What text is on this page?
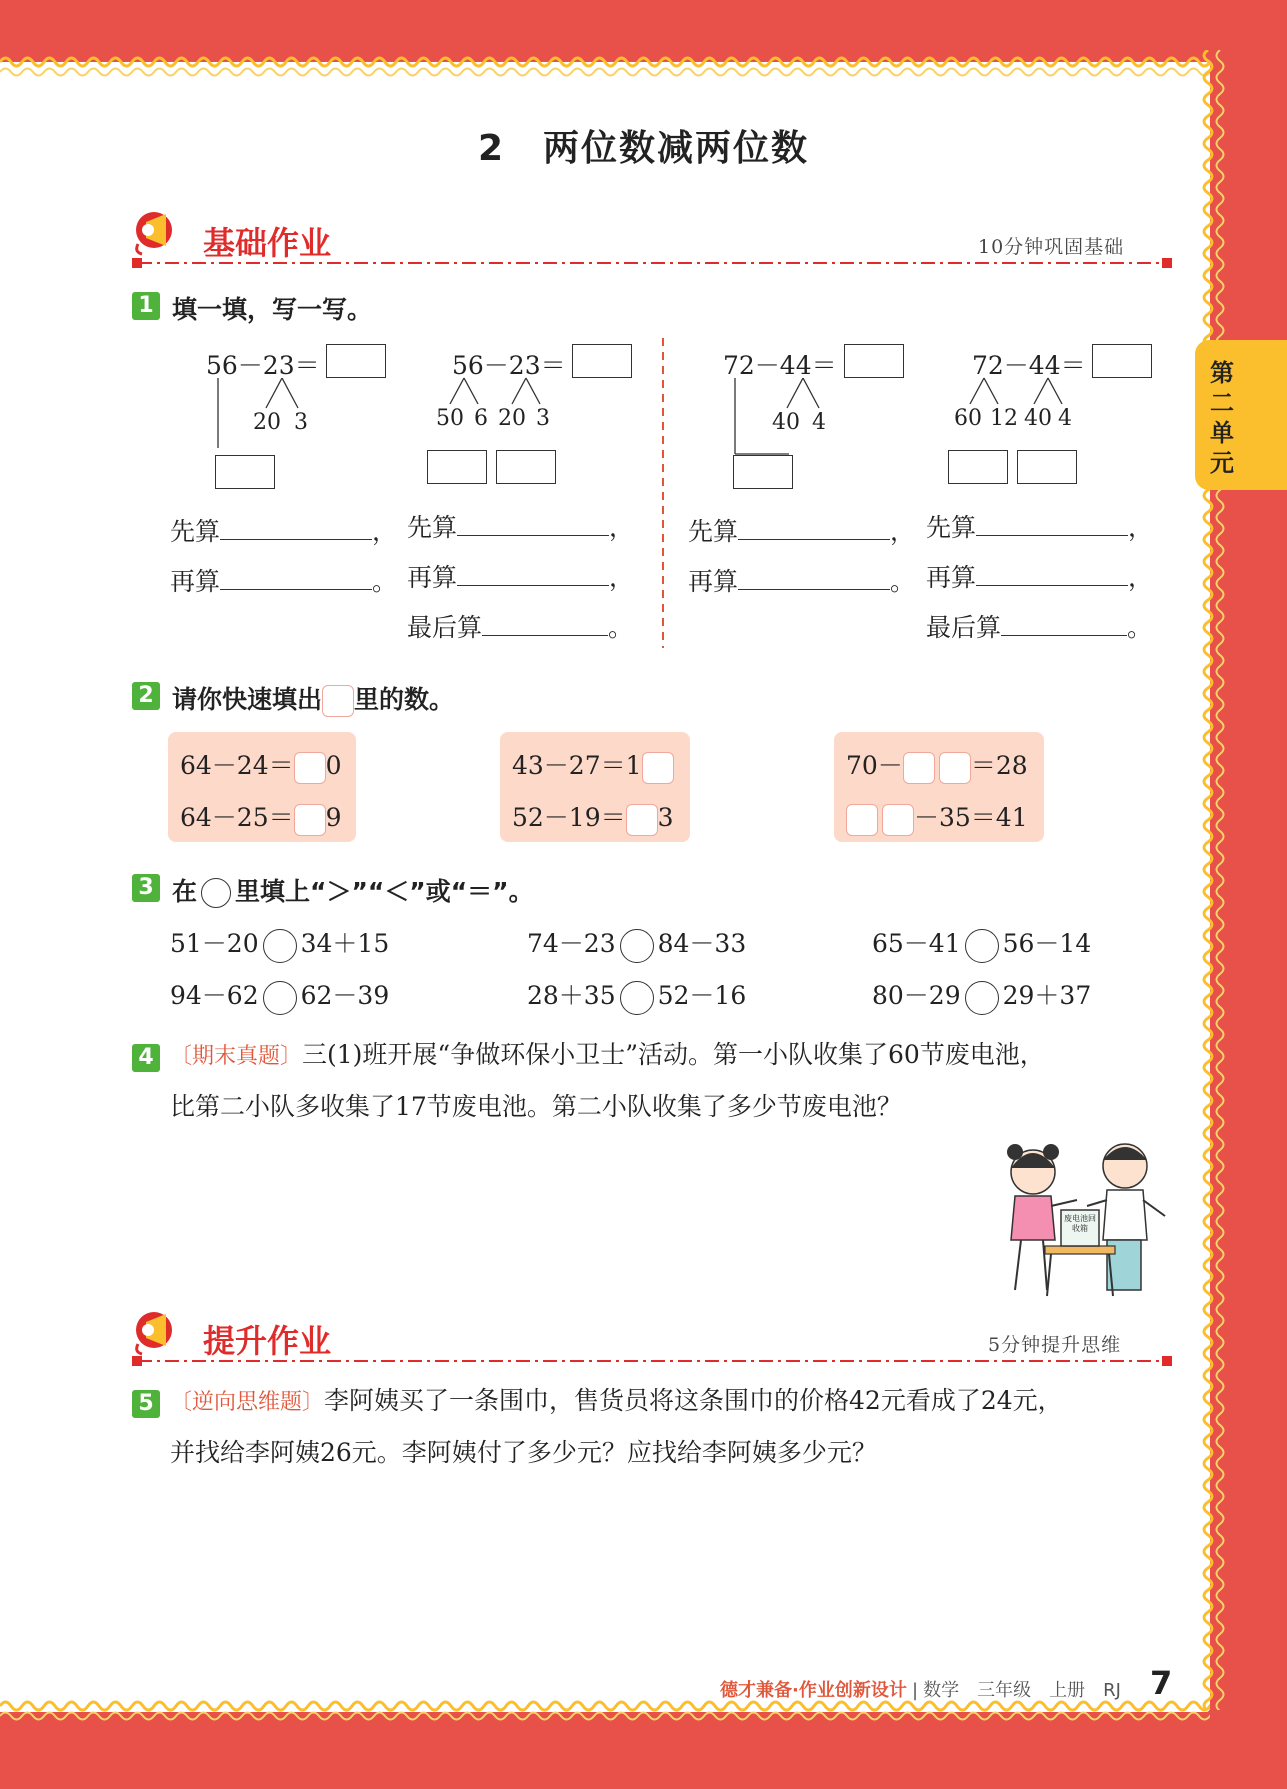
第
二
单
元
2　两位数减两位数
基础作业	10分钟巩固基础
1 填一填，写一写。
56－23＝
20 3
56－23＝
50 6 20 3
72－44＝
40 4
72－44＝
60 12 40 4
先算	，
再算	。
先算	，
再算	，
最后算	。
先算	，
再算	。
先算	，
再算	，
最后算	。
2 请你快速填出 里的数。
64－24＝ 0
64－25＝ 9
43－27＝1
52－19＝ 3
70－	＝28
－35＝41
3 在 里填上“＞”“＜”或“＝”。
51－20 34＋15	74－23 84－33	65－41 56－14
94－62 62－39	28＋35 52－16	80－29 29＋37
4 〔期末真题〕三(1)班开展“争做环保小卫士”活动。第一小队收集了60节废电池，
比第二小队多收集了17节废电池。第二小队收集了多少节废电池？
废电池回收箱
提升作业	5分钟提升思维
5 〔逆向思维题〕李阿姨买了一条围巾，售货员将这条围巾的价格42元看成了24元，
并找给李阿姨26元。李阿姨付了多少元？应找给李阿姨多少元？
德才兼备·作业创新设计 | 数学　三年级　上册　RJ 7
